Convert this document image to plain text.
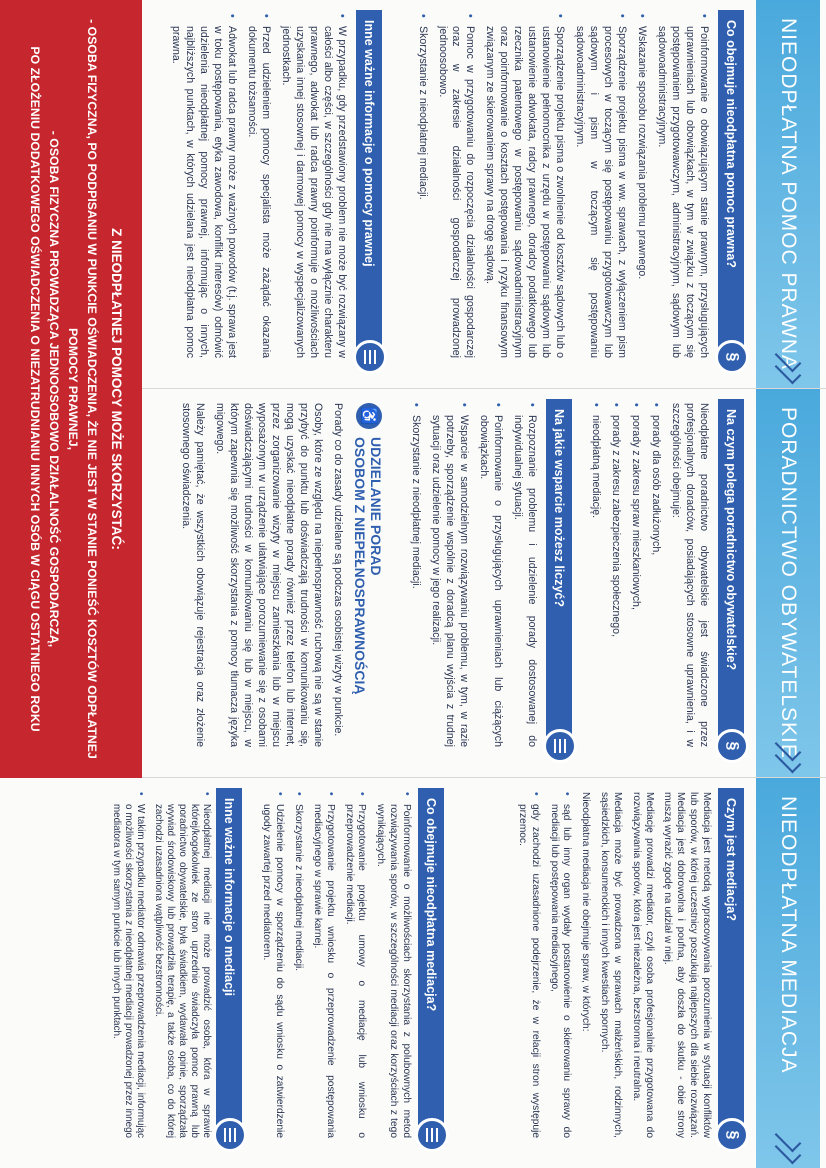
NIEODPŁATNA POMOC PRAWNA
Co obejmuje nieodpłatna pomoc prawna?
§
• Poinformowanie o obowiązującym stanie prawnym, przysługujących uprawnieniach lub obowiązkach, w tym w związku z toczącym się postępowaniem przygotowawczym, administracyjnym, sądowym lub sądowoadministracyjnym.
• Wskazanie sposobu rozwiązania problemu prawnego.
• Sporządzenie projektu pisma w ww. sprawach, z wyłączeniem pism procesowych w toczącym się postępowaniu przygotowawczym lub sądowym i pism w toczącym się postępowaniu sądowoadministracyjnym.
• Sporządzenie projektu pisma o zwolnienie od kosztów sądowych lub o ustanowienie pełnomocnika z urzędu w postępowaniu sądowym lub ustanowienie adwokata, radcy prawnego, doradcy podatkowego lub rzecznika patentowego w postępowaniu sądowoadministracyjnym oraz poinformowanie o kosztach postępowania i ryzyku finansowym związanym ze skierowaniem sprawy na drogę sądową.
• Pomoc w przygotowaniu do rozpoczęcia działalności gospodarczej oraz w zakresie działalności gospodarczej prowadzonej jednoosobowo.
• Skorzystanie z nieodpłatnej mediacji.
Inne ważne informacje o pomocy prawnej
• W przypadku, gdy przedstawiony problem nie może być rozwiązany w całości albo części, w szczególności gdy nie ma wyłącznie charakteru prawnego, adwokat lub radca prawny poinformuje o możliwościach uzyskania innej stosownej i darmowej pomocy w wyspecjalizowanych jednostkach.
• Przed udzieleniem pomocy specjalista może zażądać okazania dokumentu tożsamości.
• Adwokat lub radca prawny może z ważnych powodów (t.j. sprawa jest w toku postępowania, etyka zawodowa, konflikt interesów) odmówić udzielenia nieodpłatnej pomocy prawnej, informując o innych, najbliższych punktach, w których udzielana jest nieodpłatna pomoc prawna.
PORADNICTWO OBYWATELSKIE
Na czym polega poradnictwo obywatelskie?
§

Nieodpłatne poradnictwo obywatelskie jest świadczone przez profesjonalnych doradców, posiadających stosowne uprawnienia, i w szczególności obejmuje:

• porady dla osób zadłużonych,
• porady z zakresu spraw mieszkaniowych,
• porady z zakresu zabezpieczenia społecznego,
• nieodpłatną mediację.
Na jakie wsparcie możesz liczyć?
• Rozpoznanie problemu i udzielenie porady dostosowanej do indywidualnej sytuacji.
• Poinformowanie o przysługujących uprawnieniach lub ciążących obowiązkach.
• Wsparcie w samodzielnym rozwiązywaniu problemu, w tym, w razie potrzeby, sporządzenie wspólnie z doradcą planu wyjścia z trudnej sytuacji oraz udzielenie pomocy w jego realizacji.
• Skorzystanie z nieodpłatnej mediacji.
♿
UDZIELANIE PORAD
OSOBOM Z NIEPEŁNOSPRAWNOŚCIĄ

Porady co do zasady udzielane są podczas osobistej wizyty w punkcie.

Osoby, które ze względu na niepełnosprawność ruchową nie są w stanie przybyć do punktu lub doświadczają trudności w komunikowaniu się, mogą uzyskać nieodpłatne porady również przez telefon lub internet, przez zorganizowanie wizyty w miejscu zamieszkania lub w miejscu wyposażonym w urządzenie ułatwiające porozumiewanie się z osobami doświadczającymi trudności w komunikowaniu się lub w miejscu, w którym zapewnia się możliwość skorzystania z pomocy tłumacza języka migowego.

Należy pamiętać, że wszystkich obowiązuje rejestracja oraz złożenie stosownego oświadczenia.

NIEODPŁATNA MEDIACJA
Czym jest mediacja?
§

Mediacja jest metodą wypracowywania porozumienia w sytuacji konfliktów lub sporów, w której uczestnicy poszukują najlepszych dla siebie rozwiązań. Mediacja jest dobrowolna i poufna, aby doszła do skutku - obie strony muszą wyrazić zgodę na udział w niej.

Mediację prowadzi mediator, czyli osoba profesjonalnie przygotowana do rozwiązywania sporów, która jest niezależna, bezstronna i neutralna.

Mediacja może być prowadzona w sprawach małżeńskich, rodzinnych, sąsiedzkich, konsumenckich i innych kwestiach spornych.

Nieodpłatna mediacja nie obejmuje spraw, w których:

• sąd lub inny organ wydały postanowienie o skierowaniu sprawy do mediacji lub postępowania mediacyjnego,
• gdy zachodzi uzasadnione podejrzenie, że w relacji stron występuje przemoc.
Co obejmuje nieodpłatna mediacja?
• Poinformowanie o możliwościach skorzystania z polubownych metod rozwiązywania sporów, w szczególności mediacji oraz korzyściach z tego wynikających.
• Przygotowanie projektu umowy o mediację lub wniosku o przeprowadzenie mediacji.
• Przygotowanie projektu wniosku o przeprowadzenie postępowania mediacyjnego w sprawie karnej.
• Skorzystanie z nieodpłatnej mediacji.
• Udzielenie pomocy w sporządzeniu do sądu wniosku o zatwierdzenie ugody zawartej przed mediatorem.
Inne ważne informacje o mediacji
• Nieodpłatnej mediacji nie może prowadzić osoba, która w sprawie której/kogokolwiek ze stron uprzednio świadczyła pomoc prawną lub poradnictwo obywatelskie, była świadkiem, wydawała opinie, sporządzała wywiad środowiskowy lub prowadziła terapię, a także osoba, co do której zachodzi uzasadniona wątpliwość bezstronności.
• W takim przypadku mediator odmawia przeprowadzenia mediacji, informując o możliwości skorzystania z nieodpłatnej mediacji prowadzonej przez innego mediatora w tym samym punkcie lub innych punktach.
Z NIEODPŁATNEJ POMOCY MOŻE SKORZYSTAĆ:
- OSOBA FIZYCZNA, PO PODPISANIU W PUNKCIE OŚWIADCZENIA, ŻE NIE JEST W STANIE PONIEŚĆ KOSZTÓW ODPŁATNEJ POMOCY PRAWNEJ,
- OSOBA FIZYCZNA PROWADZĄCA JEDNOOSOBOWO DZIAŁALNOŚĆ GOSPODARCZĄ,
PO ZŁOŻENIU DODATKOWEGO OŚWIADCZENIA O NIEZATRUDNIANIU INNYCH OSÓB W CIĄGU OSTATNIEGO ROKU
